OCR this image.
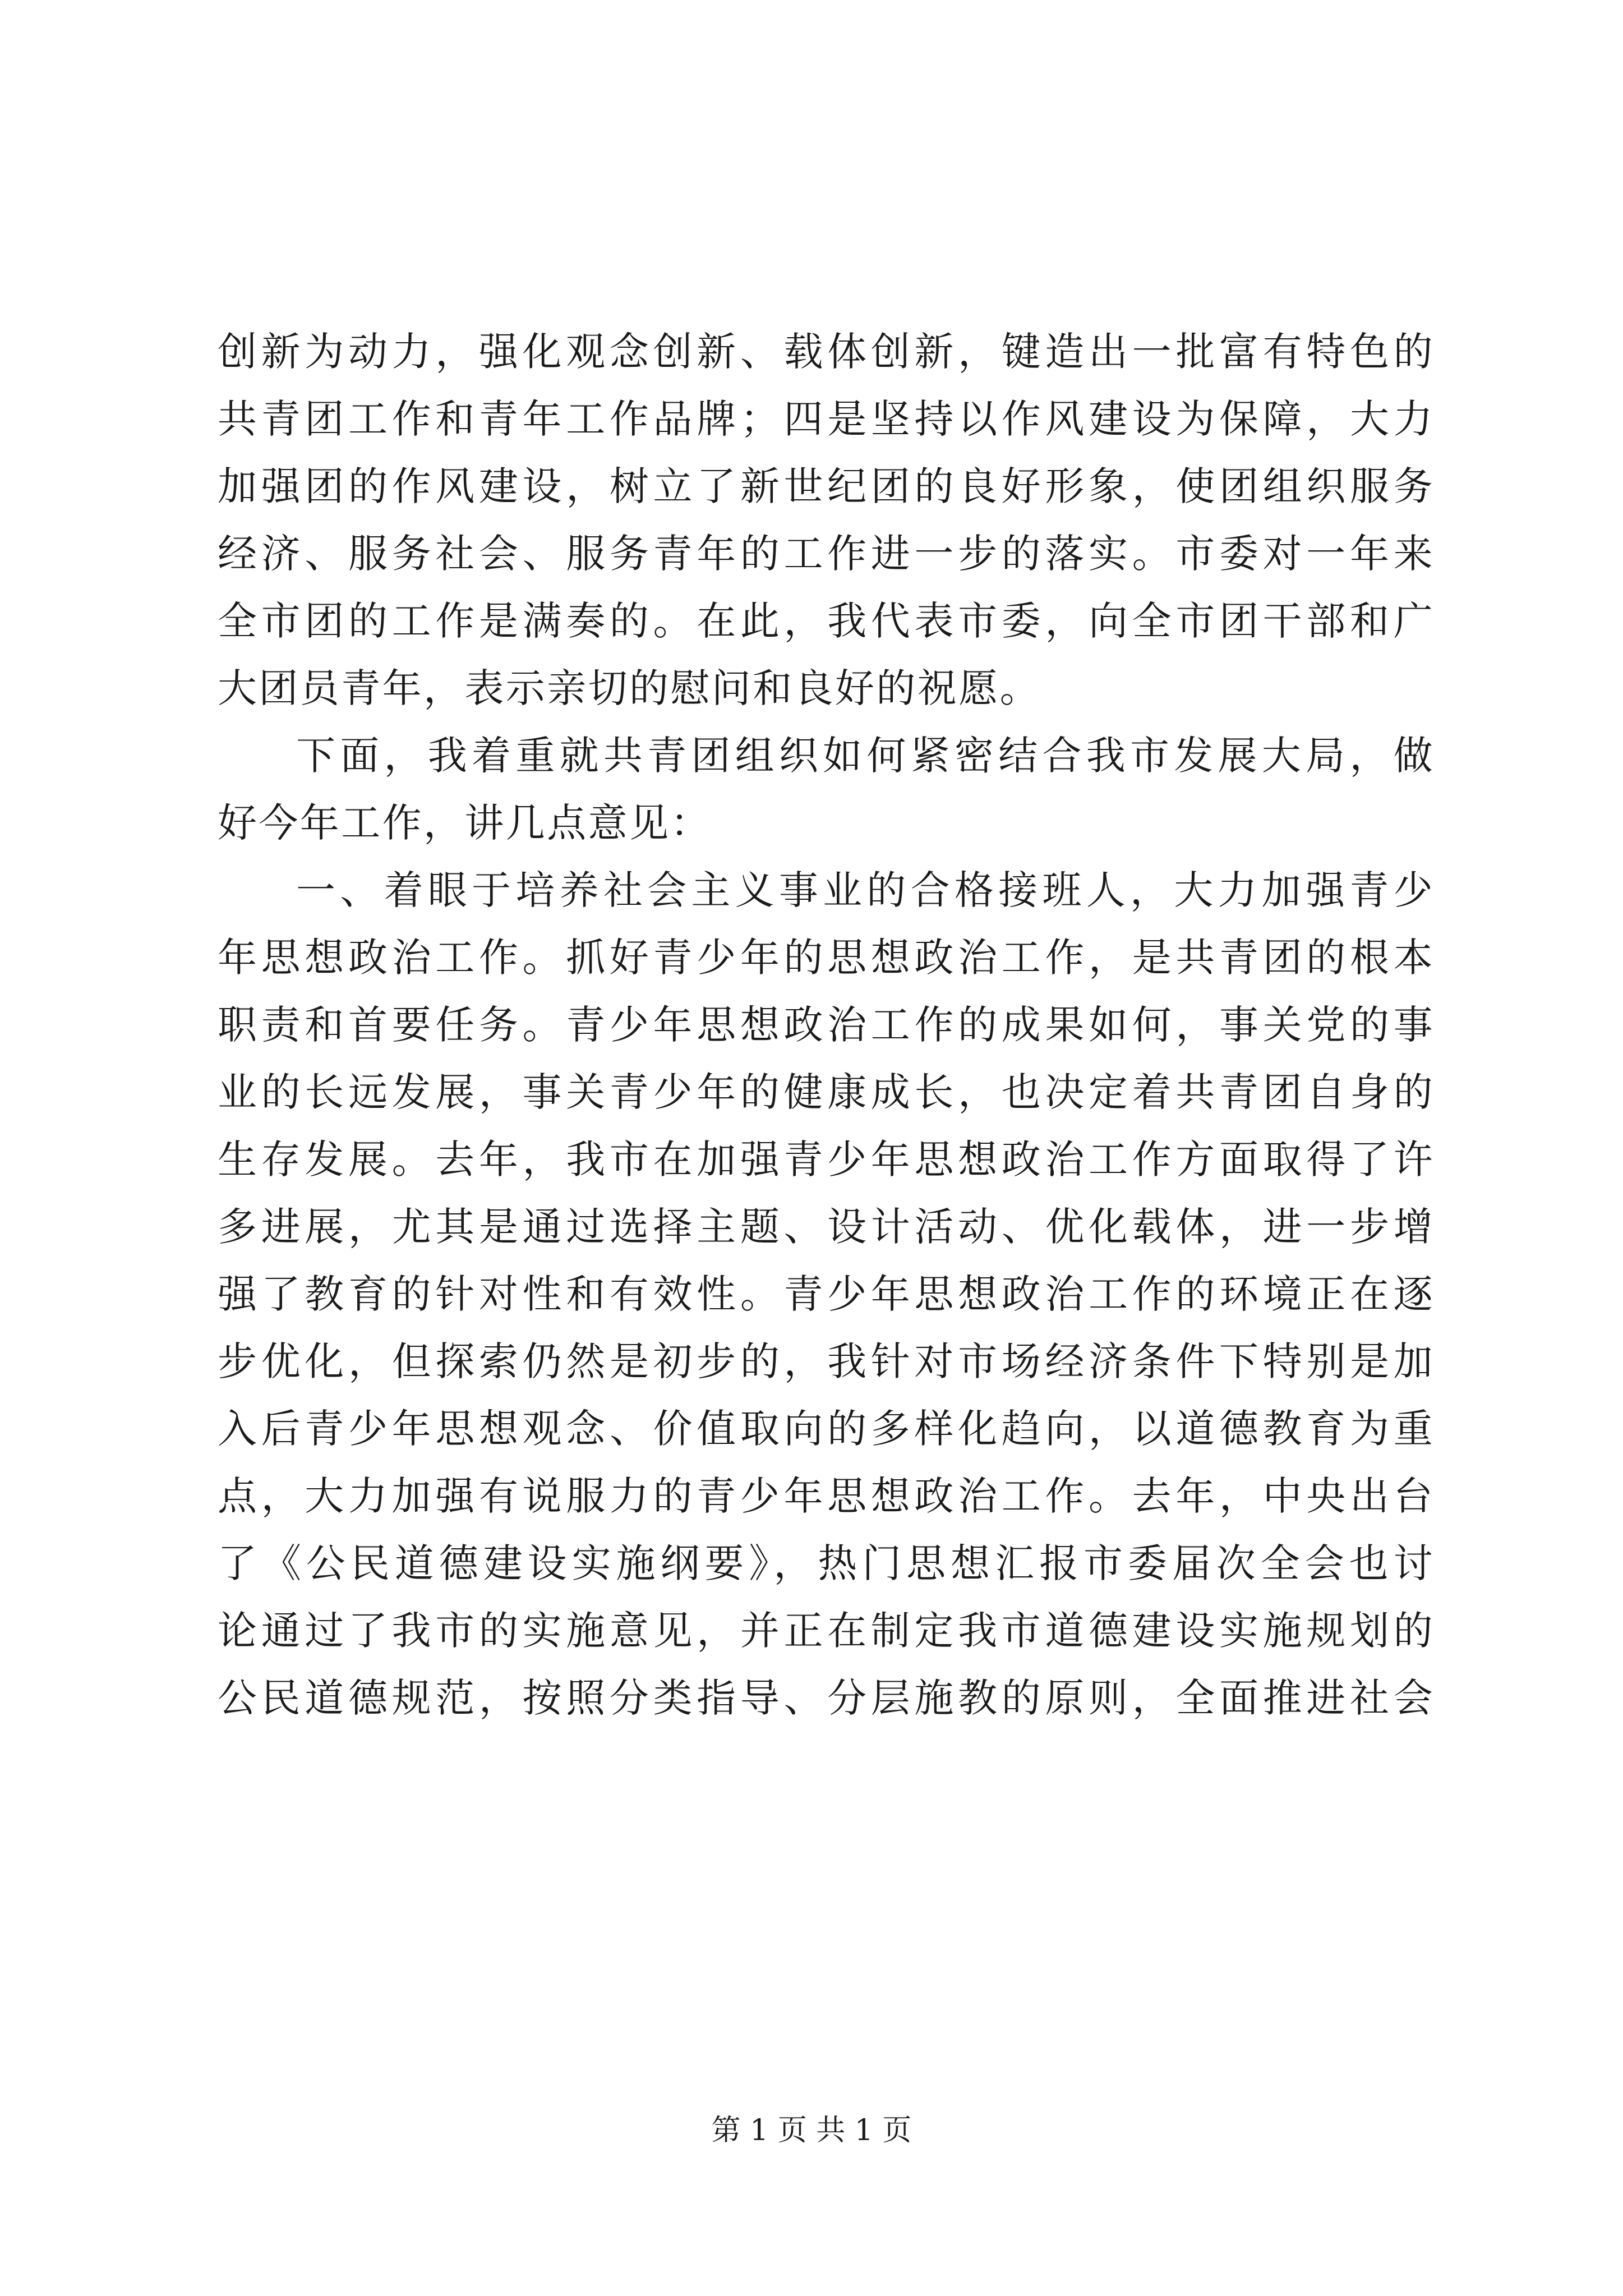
创新为动力，强化观念创新、载体创新，键造出一批富有特色的
共青团工作和青年工作品牌；四是坚持以作风建设为保障，大力
加强团的作风建设，树立了新世纪团的良好形象，使团组织服务
经济、服务社会、服务青年的工作进一步的落实。市委对一年来
全市团的工作是满奏的。在此，我代表市委，向全市团干部和广
大团员青年，表示亲切的慰问和良好的祝愿。
下面，我着重就共青团组织如何紧密结合我市发展大局，做
好今年工作，讲几点意见：
一、着眼于培养社会主义事业的合格接班人，大力加强青少
年思想政治工作。抓好青少年的思想政治工作，是共青团的根本
职责和首要任务。青少年思想政治工作的成果如何，事关党的事
业的长远发展，事关青少年的健康成长，也决定着共青团自身的
生存发展。去年，我市在加强青少年思想政治工作方面取得了许
多进展，尤其是通过选择主题、设计活动、优化载体，进一步增
强了教育的针对性和有效性。青少年思想政治工作的环境正在逐
步优化，但探索仍然是初步的，我针对市场经济条件下特别是加
入后青少年思想观念、价值取向的多样化趋向，以道德教育为重
点，大力加强有说服力的青少年思想政治工作。去年，中央出台
了《公民道德建设实施纲要》，热门思想汇报市委届次全会也讨
论通过了我市的实施意见，并正在制定我市道德建设实施规划的
公民道德规范，按照分类指导、分层施教的原则，全面推进社会
第 1 页 共 1 页
